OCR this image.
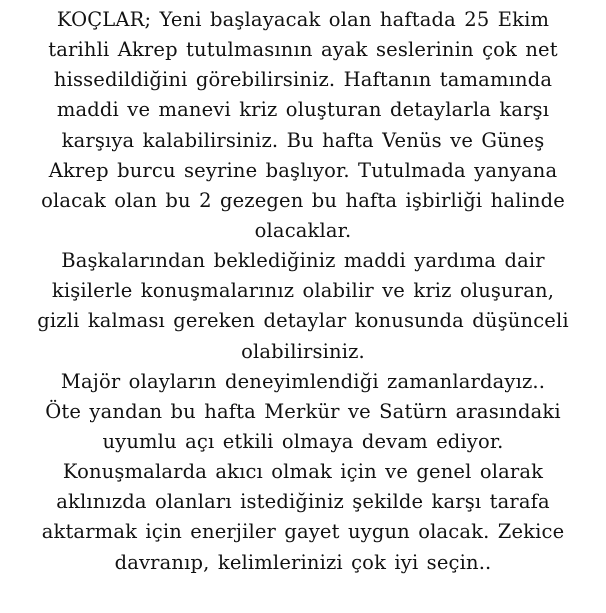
KOÇLAR; Yeni başlayacak olan haftada 25 Ekim
tarihli Akrep tutulmasının ayak seslerinin çok net
hissedildiğini görebilirsiniz. Haftanın tamamında
maddi ve manevi kriz oluşturan detaylarla karşı
karşıya kalabilirsiniz. Bu hafta Venüs ve Güneş
Akrep burcu seyrine başlıyor. Tutulmada yanyana
olacak olan bu 2 gezegen bu hafta işbirliği halinde
olacaklar.
Başkalarından beklediğiniz maddi yardıma dair
kişilerle konuşmalarınız olabilir ve kriz oluşuran,
gizli kalması gereken detaylar konusunda düşünceli
olabilirsiniz.
Majör olayların deneyimlendiği zamanlardayız..
Öte yandan bu hafta Merkür ve Satürn arasındaki
uyumlu açı etkili olmaya devam ediyor.
Konuşmalarda akıcı olmak için ve genel olarak
aklınızda olanları istediğiniz şekilde karşı tarafa
aktarmak için enerjiler gayet uygun olacak. Zekice
davranıp, kelimlerinizi çok iyi seçin..
